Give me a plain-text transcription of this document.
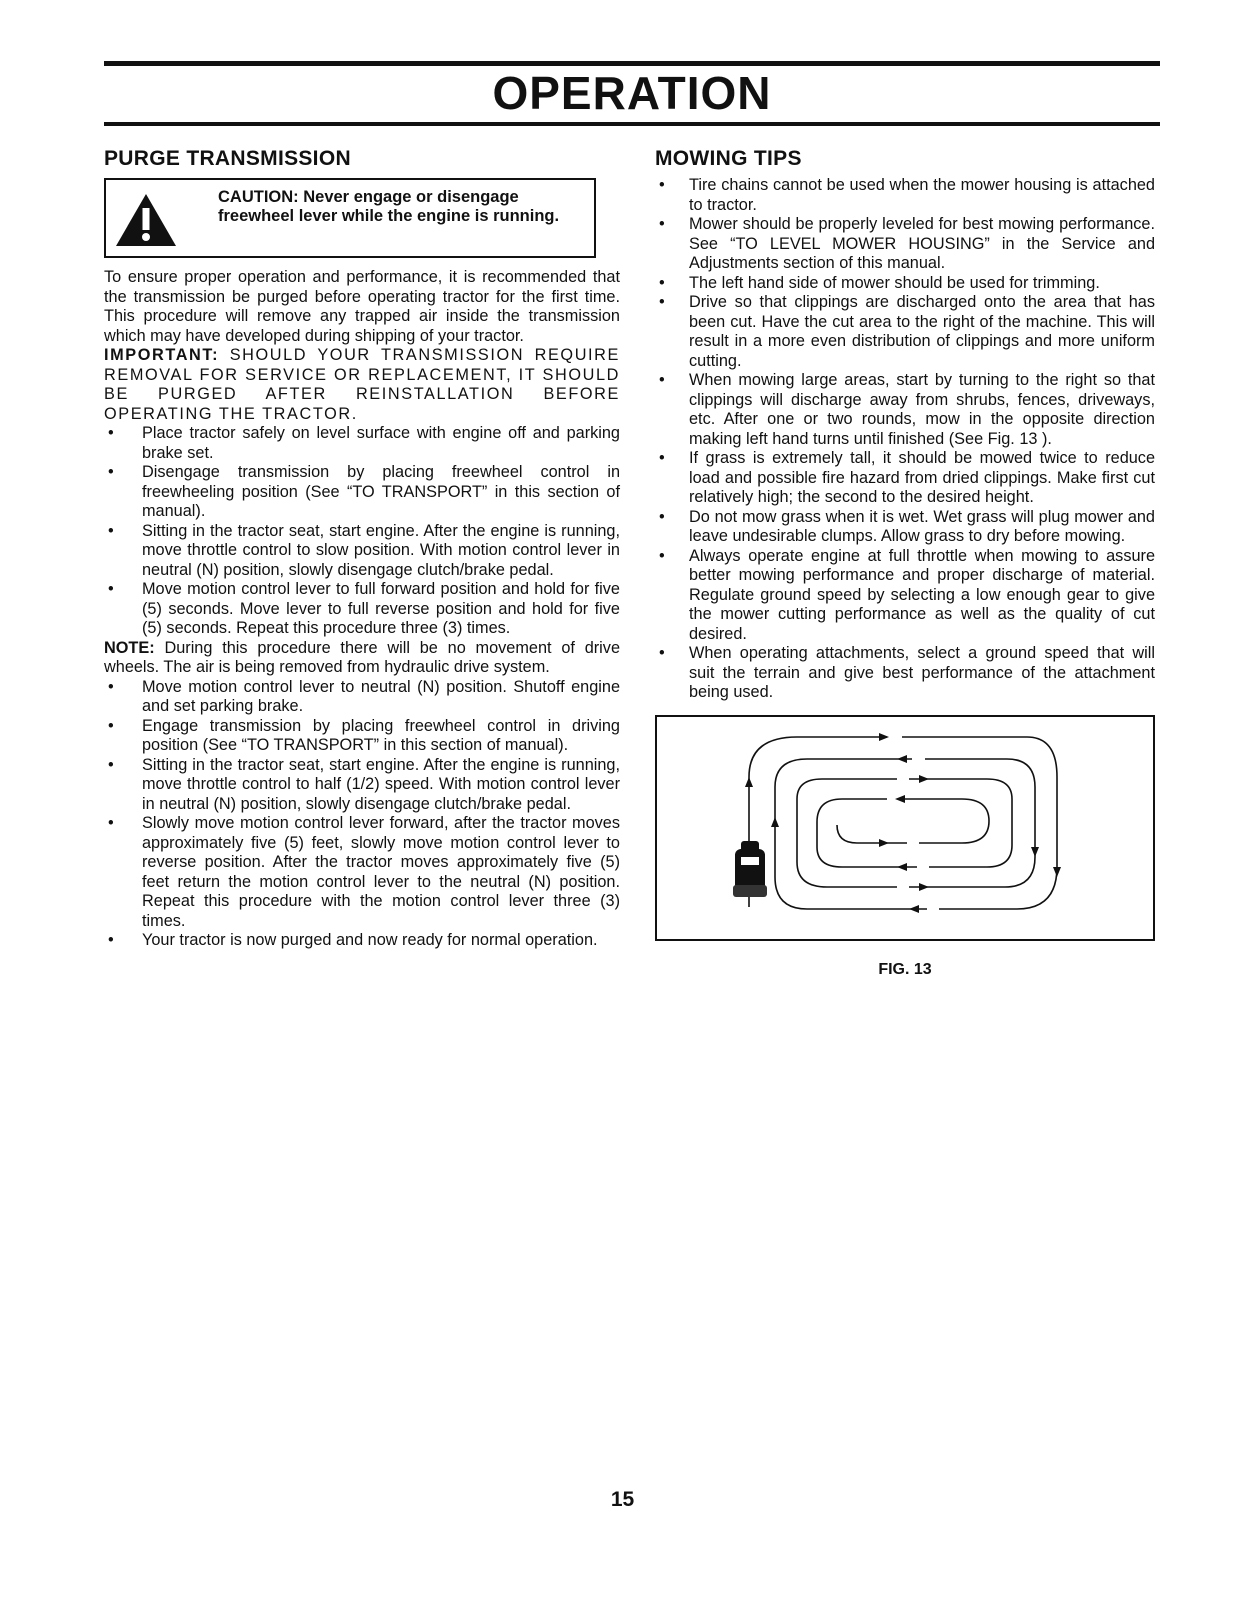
OPERATION
PURGE TRANSMISSION
CAUTION: Never engage or disengage freewheel lever while the engine is running.

To ensure proper operation and performance, it is recommended that the transmission be purged before operating tractor for the first time. This procedure will remove any trapped air inside the transmission which may have developed during shipping of your tractor.

IMPORTANT: SHOULD YOUR TRANSMISSION REQUIRE REMOVAL FOR SERVICE OR REPLACEMENT, IT SHOULD BE PURGED AFTER REINSTALLATION BEFORE OPERATING THE TRACTOR.

• Place tractor safely on level surface with engine off and parking brake set.
• Disengage transmission by placing freewheel control in freewheeling position (See “TO TRANSPORT” in this section of manual).
• Sitting in the tractor seat, start engine. After the engine is running, move throttle control to slow position. With motion control lever in neutral (N) position, slowly disengage clutch/brake pedal.
• Move motion control lever to full forward position and hold for five (5) seconds. Move lever to full reverse position and hold for five (5) seconds. Repeat this procedure three (3) times.

NOTE: During this procedure there will be no movement of drive wheels. The air is being removed from hydraulic drive system.

• Move motion control lever to neutral (N) position. Shutoff engine and set parking brake.
• Engage transmission by placing freewheel control in driving position (See “TO TRANSPORT” in this section of manual).
• Sitting in the tractor seat, start engine. After the engine is running, move throttle control to half (1/2) speed. With motion control lever in neutral (N) position, slowly disengage clutch/brake pedal.
• Slowly move motion control lever forward, after the tractor moves approximately five (5) feet, slowly move motion control lever to reverse position. After the tractor moves approximately five (5) feet return the motion control lever to the neutral (N) position. Repeat this procedure with the motion control lever three (3) times.
• Your tractor is now purged and now ready for normal operation.
MOWING TIPS
• Tire chains cannot be used when the mower housing is attached to tractor.
• Mower should be properly leveled for best mowing performance. See “TO LEVEL MOWER HOUSING” in the Service and Adjustments section of this manual.
• The left hand side of mower should be used for trimming.
• Drive so that clippings are discharged onto the area that has been cut. Have the cut area to the right of the machine. This will result in a more even distribution of clippings and more uniform cutting.
• When mowing large areas, start by turning to the right so that clippings will discharge away from shrubs, fences, driveways, etc. After one or two rounds, mow in the opposite direction making left hand turns until finished (See Fig. 13 ).
• If grass is extremely tall, it should be mowed twice to reduce load and possible fire hazard from dried clippings. Make first cut relatively high; the second to the desired height.
• Do not mow grass when it is wet. Wet grass will plug mower and leave undesirable clumps. Allow grass to dry before mowing.
• Always operate engine at full throttle when mowing to assure better mowing performance and proper discharge of material. Regulate ground speed by selecting a low enough gear to give the mower cutting performance as well as the quality of cut desired.
• When operating attachments, select a ground speed that will suit the terrain and give best performance of the attachment being used.
FIG. 13
15
